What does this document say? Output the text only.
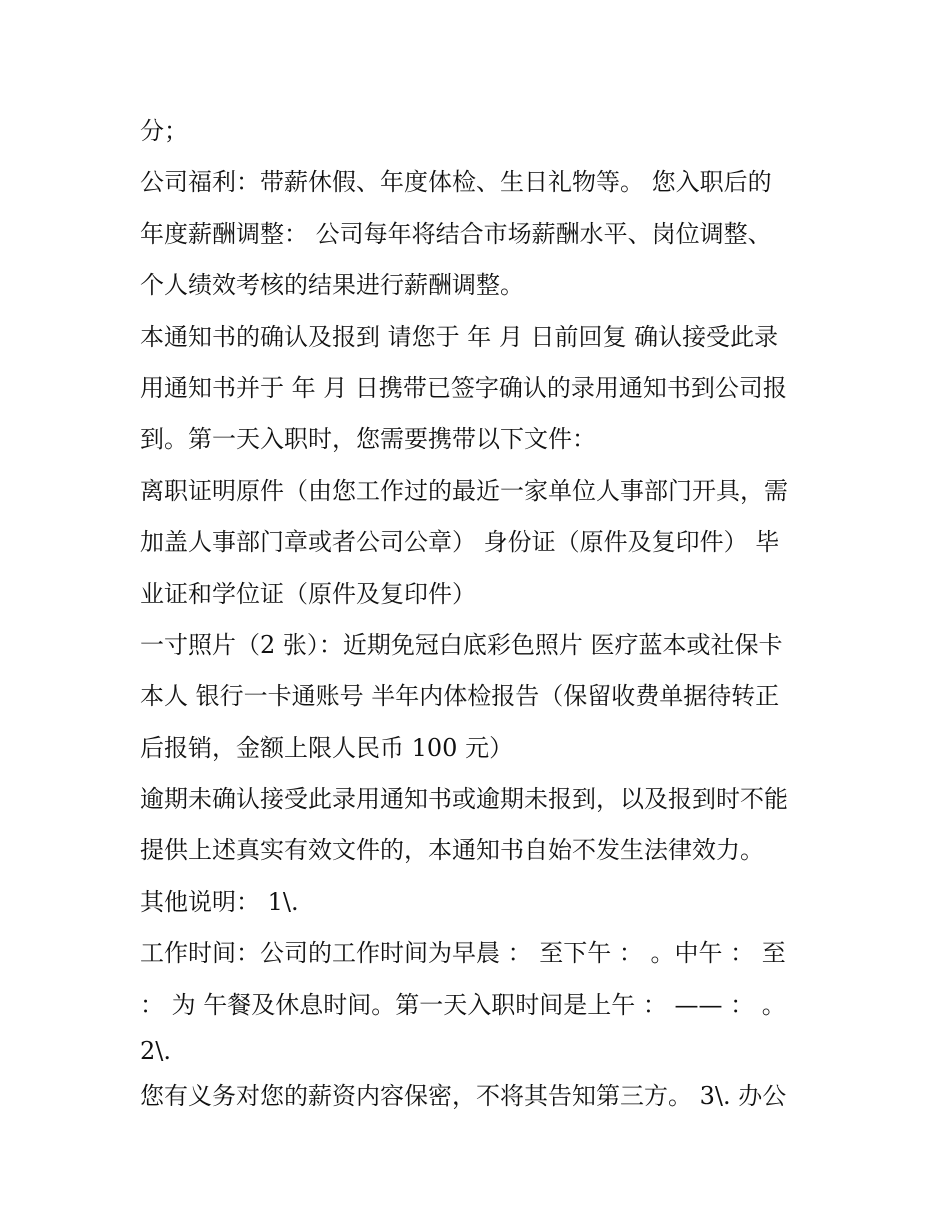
分；
公司福利：带薪休假、年度体检、生日礼物等。 您入职后的
年度薪酬调整： 公司每年将结合市场薪酬水平、岗位调整、
个人绩效考核的结果进行薪酬调整。
本通知书的确认及报到 请您于 年 月 日前回复 确认接受此录
用通知书并于 年 月 日携带已签字确认的录用通知书到公司报
到。第一天入职时，您需要携带以下文件：
离职证明原件（由您工作过的最近一家单位人事部门开具，需
加盖人事部门章或者公司公章） 身份证（原件及复印件） 毕
业证和学位证（原件及复印件）
一寸照片（2 张）：近期免冠白底彩色照片 医疗蓝本或社保卡
本人 银行一卡通账号 半年内体检报告（保留收费单据待转正
后报销，金额上限人民币 100 元）
逾期未确认接受此录用通知书或逾期未报到，以及报到时不能
提供上述真实有效文件的，本通知书自始不发生法律效力。
其他说明： 1\.
工作时间：公司的工作时间为早晨 ： 至下午 ： 。中午 ： 至
： 为 午餐及休息时间。第一天入职时间是上午 ： —— ： 。
2\.
您有义务对您的薪资内容保密，不将其告知第三方。 3\. 办公
